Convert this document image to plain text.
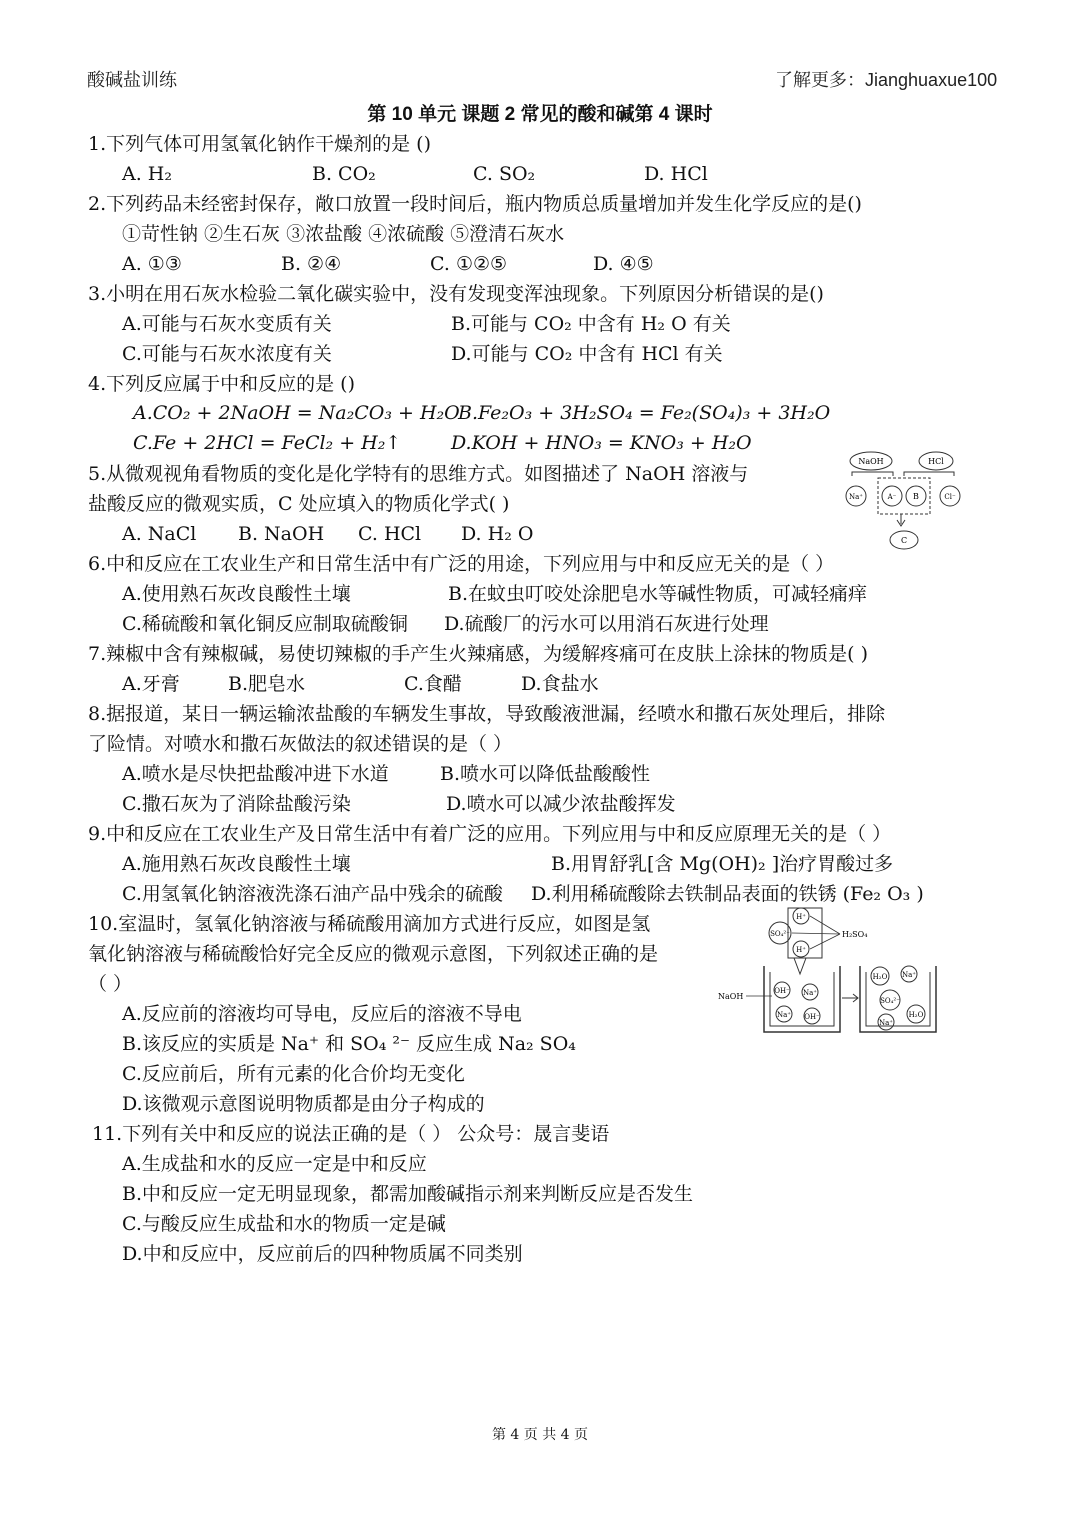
酸碱盐训练	了解更多：Jianghuaxue100
第 10 单元 课题 2 常见的酸和碱第 4 课时
1.下列气体可用氢氧化钠作干燥剂的是 ()
A. H₂	B. CO₂	C. SO₂	D. HCl
2.下列药品未经密封保存，敞口放置一段时间后，瓶内物质总质量增加并发生化学反应的是()
①苛性钠 ②生石灰 ③浓盐酸 ④浓硫酸 ⑤澄清石灰水
A. ①③	B. ②④	C. ①②⑤	D. ④⑤
3.小明在用石灰水检验二氧化碳实验中，没有发现变浑浊现象。下列原因分析错误的是()
A.可能与石灰水变质有关	B.可能与 CO₂ 中含有 H₂ O 有关
C.可能与石灰水浓度有关	D.可能与 CO₂ 中含有 HCl 有关
4.下列反应属于中和反应的是 ()
A.CO₂ + 2NaOH = Na₂CO₃ + H₂O
B.Fe₂O₃ + 3H₂SO₄ = Fe₂(SO₄)₃ + 3H₂O
C.Fe + 2HCl = FeCl₂ + H₂↑	D.KOH + HNO₃ = KNO₃ + H₂O
5.从微观视角看物质的变化是化学特有的思维方式。如图描述了 NaOH 溶液与
盐酸反应的微观实质，C 处应填入的物质化学式( )
A. NaCl B. NaOH C. HCl D. H₂ O
NaOH	HCl
Na⁺	A⁻ B	Cl⁻
C
6.中和反应在工农业生产和日常生活中有广泛的用途，下列应用与中和反应无关的是（ ）
A.使用熟石灰改良酸性土壤	B.在蚊虫叮咬处涂肥皂水等碱性物质，可减轻痛痒
C.稀硫酸和氧化铜反应制取硫酸铜 D.硫酸厂的污水可以用消石灰进行处理
7.辣椒中含有辣椒碱，易使切辣椒的手产生火辣痛感，为缓解疼痛可在皮肤上涂抹的物质是( )
A.牙膏	B.肥皂水	C.食醋	D.食盐水
8.据报道，某日一辆运输浓盐酸的车辆发生事故，导致酸液泄漏，经喷水和撒石灰处理后，排除
了险情。对喷水和撒石灰做法的叙述错误的是（ ）
A.喷水是尽快把盐酸冲进下水道	B.喷水可以降低盐酸酸性
C.撒石灰为了消除盐酸污染	D.喷水可以减少浓盐酸挥发
9.中和反应在工农业生产及日常生活中有着广泛的应用。下列应用与中和反应原理无关的是（ ）
A.施用熟石灰改良酸性土壤	B.用胃舒乳[含 Mg(OH)₂ ]治疗胃酸过多
C.用氢氧化钠溶液洗涤石油产品中残余的硫酸 D.利用稀硫酸除去铁制品表面的铁锈 (Fe₂ O₃ )
10.室温时，氢氧化钠溶液与稀硫酸用滴加方式进行反应，如图是氢
氧化钠溶液与稀硫酸恰好完全反应的微观示意图，下列叙述正确的是
（ ）
A.反应前的溶液均可导电，反应后的溶液不导电
B.该反应的实质是 Na⁺ 和 SO₄ ²⁻ 反应生成 Na₂ SO₄
C.反应前后，所有元素的化合价均无变化
D.该微观示意图说明物质都是由分子构成的
H⁺
SO₄²⁻
H⁺
H₂SO₄
NaOH
OH⁻ Na⁺
Na⁺ OH⁻
H₂O Na⁺
SO₄²⁻
Na⁺
H₂O
11.下列有关中和反应的说法正确的是（ ） 公众号：晟言斐语
A.生成盐和水的反应一定是中和反应
B.中和反应一定无明显现象，都需加酸碱指示剂来判断反应是否发生
C.与酸反应生成盐和水的物质一定是碱
D.中和反应中，反应前后的四种物质属不同类别
第 4 页 共 4 页
